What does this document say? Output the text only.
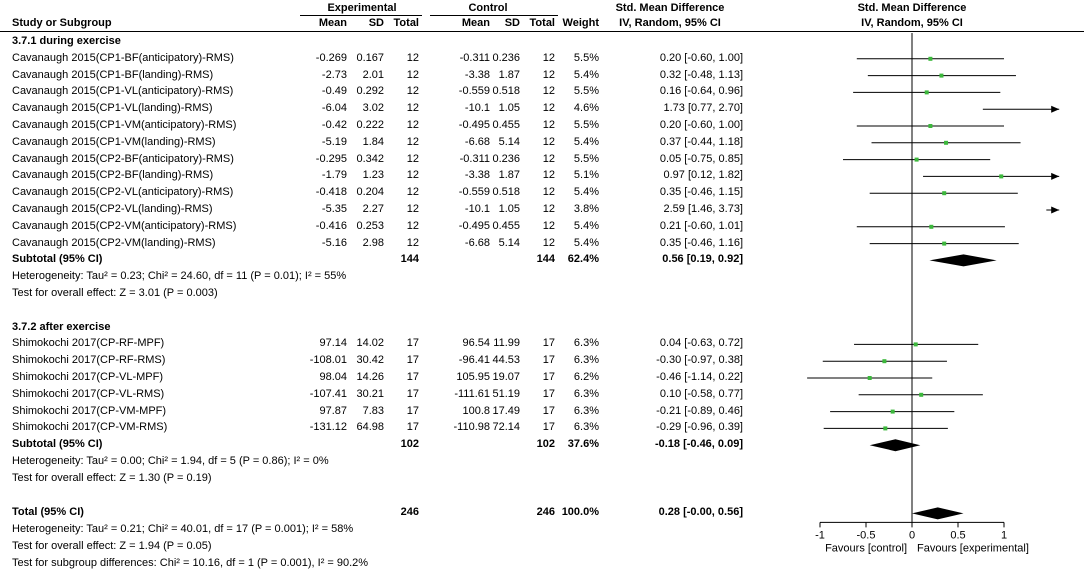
Experimental	Control	Std. Mean Difference	Std. Mean Difference
Study or Subgroup	Mean SD Total	Mean SD Total Weight	IV, Random, 95% CI	IV, Random, 95% CI
3.7.1 during exercise
Cavanaugh 2015(CP1-BF(anticipatory)-RMS)	-0.269 0.167 12	-0.311 0.236 12 5.5%	0.20 [-0.60, 1.00]
Cavanaugh 2015(CP1-BF(landing)-RMS)	-2.73 2.01 12	-3.38 1.87 12 5.4%	0.32 [-0.48, 1.13]
Cavanaugh 2015(CP1-VL(anticipatory)-RMS)	-0.49 0.292 12	-0.559 0.518 12 5.5%	0.16 [-0.64, 0.96]
Cavanaugh 2015(CP1-VL(landing)-RMS)	-6.04 3.02 12	-10.1 1.05 12 4.6%	1.73 [0.77, 2.70]
Cavanaugh 2015(CP1-VM(anticipatory)-RMS)	-0.42 0.222 12	-0.495 0.455 12 5.5%	0.20 [-0.60, 1.00]
Cavanaugh 2015(CP1-VM(landing)-RMS)	-5.19 1.84 12	-6.68 5.14 12 5.4%	0.37 [-0.44, 1.18]
Cavanaugh 2015(CP2-BF(anticipatory)-RMS)	-0.295 0.342 12	-0.311 0.236 12 5.5%	0.05 [-0.75, 0.85]
Cavanaugh 2015(CP2-BF(landing)-RMS)	-1.79 1.23 12	-3.38 1.87 12 5.1%	0.97 [0.12, 1.82]
Cavanaugh 2015(CP2-VL(anticipatory)-RMS)	-0.418 0.204 12	-0.559 0.518 12 5.4%	0.35 [-0.46, 1.15]
Cavanaugh 2015(CP2-VL(landing)-RMS)	-5.35 2.27 12	-10.1 1.05 12 3.8%	2.59 [1.46, 3.73]
Cavanaugh 2015(CP2-VM(anticipatory)-RMS)	-0.416 0.253 12	-0.495 0.455 12 5.4%	0.21 [-0.60, 1.01]
Cavanaugh 2015(CP2-VM(landing)-RMS)	-5.16 2.98 12	-6.68 5.14 12 5.4%	0.35 [-0.46, 1.16]
Subtotal (95% CI)	144	144 62.4%	0.56 [0.19, 0.92]
Heterogeneity: Tau² = 0.23; Chi² = 24.60, df = 11 (P = 0.01); I² = 55%
Test for overall effect: Z = 3.01 (P = 0.003)
3.7.2 after exercise
Shimokochi 2017(CP-RF-MPF)	97.14 14.02 17	96.54 11.99 17 6.3%	0.04 [-0.63, 0.72]
Shimokochi 2017(CP-RF-RMS)	-108.01 30.42 17	-96.41 44.53 17 6.3%	-0.30 [-0.97, 0.38]
Shimokochi 2017(CP-VL-MPF)	98.04 14.26 17	105.95 19.07 17 6.2%	-0.46 [-1.14, 0.22]
Shimokochi 2017(CP-VL-RMS)	-107.41 30.21 17	-111.61 51.19 17 6.3%	0.10 [-0.58, 0.77]
Shimokochi 2017(CP-VM-MPF)	97.87 7.83 17	100.8 17.49 17 6.3%	-0.21 [-0.89, 0.46]
Shimokochi 2017(CP-VM-RMS)	-131.12 64.98 17	-110.98 72.14 17 6.3%	-0.29 [-0.96, 0.39]
Subtotal (95% CI)	102	102 37.6%	-0.18 [-0.46, 0.09]
Heterogeneity: Tau² = 0.00; Chi² = 1.94, df = 5 (P = 0.86); I² = 0%
Test for overall effect: Z = 1.30 (P = 0.19)
Total (95% CI)	246	246 100.0%	0.28 [-0.00, 0.56]
Heterogeneity: Tau² = 0.21; Chi² = 40.01, df = 17 (P = 0.001); I² = 58%
Test for overall effect: Z = 1.94 (P = 0.05)
Test for subgroup differences: Chi² = 10.16, df = 1 (P = 0.001), I² = 90.2%
-1	-0.5	0	0.5	1
Favours [control] Favours [experimental]
